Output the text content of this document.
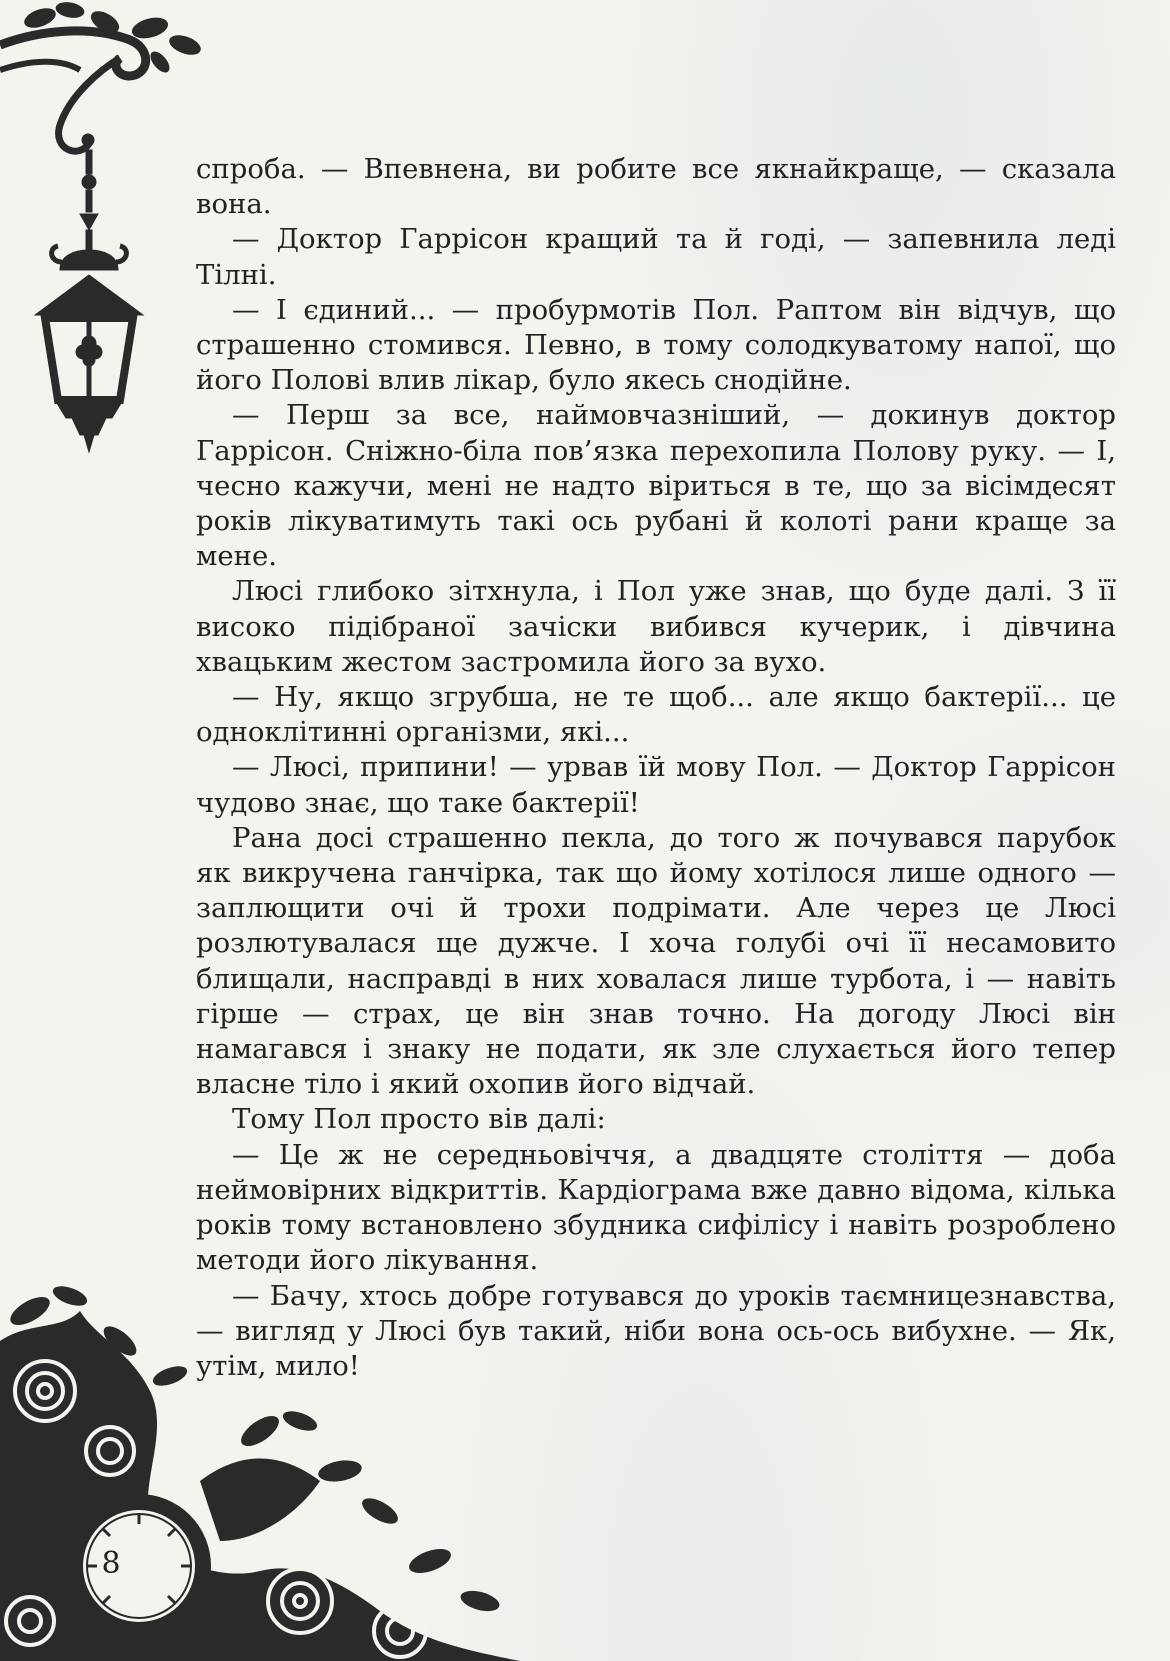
спроба. — Впевнена, ви робите все якнайкраще, — сказала вона.

— Доктор Гаррісон кращий та й годі, — запевнила леді Тілні.

— І єдиний... — пробурмотів Пол. Раптом він відчув, що страшенно стомився. Певно, в тому солодкуватому напої, що його Полові влив лікар, було якесь снодійне.

— Перш за все, наймовчазніший, — докинув доктор Гаррісон. Сніжно-біла пов’язка перехопила Полову руку. — І, чесно кажучи, мені не надто віриться в те, що за вісімдесят років лікуватимуть такі ось рубані й колоті рани краще за мене.

Люсі глибоко зітхнула, і Пол уже знав, що буде далі. З її високо підібраної зачіски вибився кучерик, і дівчина хвацьким жестом застромила його за вухо.

— Ну, якщо згрубша, не те щоб... але якщо бактерії... це одноклітинні організми, які...

— Люсі, припини! — урвав їй мову Пол. — Доктор Гаррісон чудово знає, що таке бактерії!

Рана досі страшенно пекла, до того ж почувався парубок як викручена ганчірка, так що йому хотілося лише одного — заплющити очі й трохи подрімати. Але через це Люсі розлютувалася ще дужче. І хоча голубі очі її несамовито блищали, насправді в них ховалася лише турбота, і — навіть гірше — страх, це він знав точно. На догоду Люсі він намагався і знаку не подати, як зле слухається його тепер власне тіло і який охопив його відчай.

Тому Пол просто вів далі:

— Це ж не середньовіччя, а двадцяте століття — доба неймовірних відкриттів. Кардіограма вже давно відома, кілька років тому встановлено збудника сифілісу і навіть розроблено методи його лікування.

— Бачу, хтось добре готувався до уроків таємницезнавства, — вигляд у Люсі був такий, ніби вона ось-ось вибухне. — Як, утім, мило!

8
